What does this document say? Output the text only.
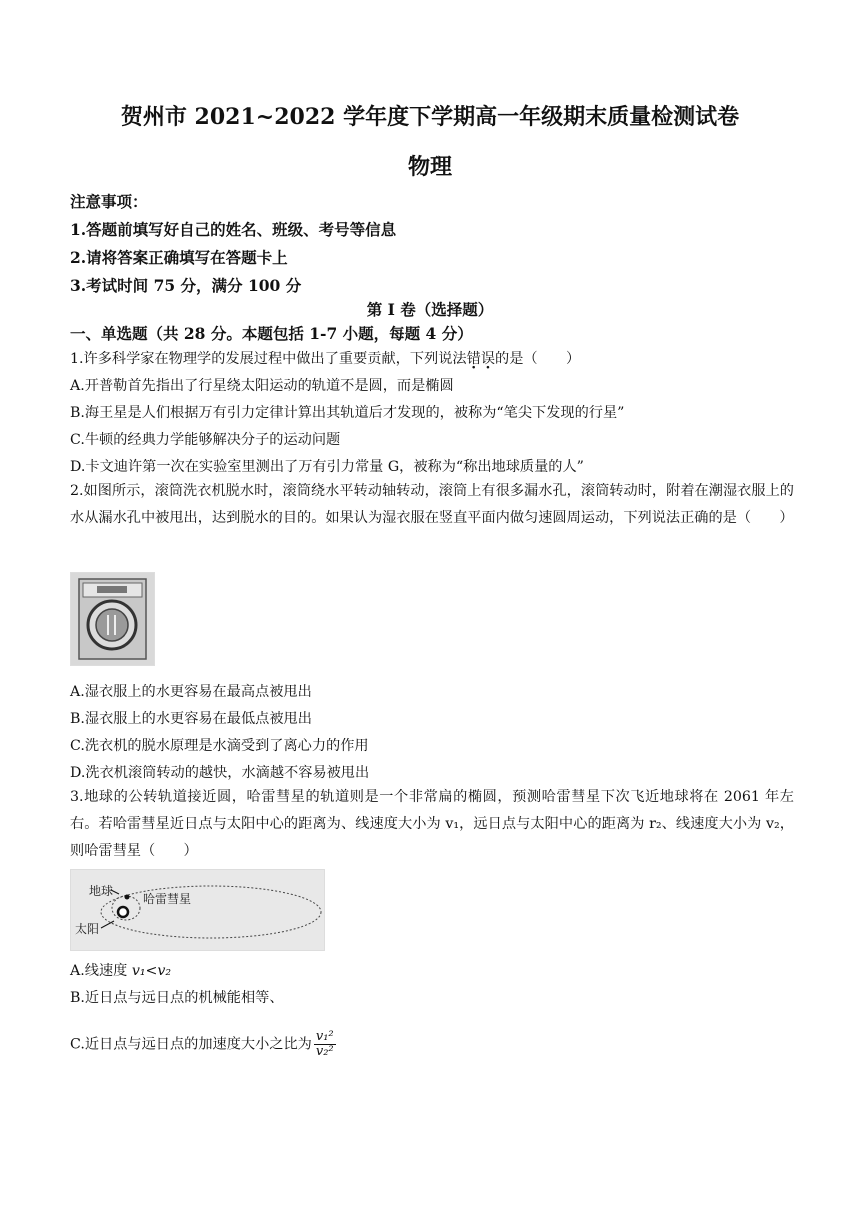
贺州市 2021~2022 学年度下学期高一年级期末质量检测试卷
物理
注意事项：
1.答题前填写好自己的姓名、班级、考号等信息
2.请将答案正确填写在答题卡上
3.考试时间 75 分，满分 100 分
第 I 卷（选择题）
一、单选题（共 28 分。本题包括 1-7 小题，每题 4 分）
1.许多科学家在物理学的发展过程中做出了重要贡献，下列说法错误的是（　　）
A.开普勒首先指出了行星绕太阳运动的轨道不是圆，而是椭圆
B.海王星是人们根据万有引力定律计算出其轨道后才发现的，被称为“笔尖下发现的行星”
C.牛顿的经典力学能够解决分子的运动问题
D.卡文迪许第一次在实验室里测出了万有引力常量 G，被称为“称出地球质量的人”
2.如图所示，滚筒洗衣机脱水时，滚筒绕水平转动轴转动，滚筒上有很多漏水孔，滚筒转动时，附着在潮湿衣服上的水从漏水孔中被甩出，达到脱水的目的。如果认为湿衣服在竖直平面内做匀速圆周运动，下列说法正确的是（　　）
A.湿衣服上的水更容易在最高点被甩出
B.湿衣服上的水更容易在最低点被甩出
C.洗衣机的脱水原理是水滴受到了离心力的作用
D.洗衣机滚筒转动的越快，水滴越不容易被甩出
3.地球的公转轨道接近圆，哈雷彗星的轨道则是一个非常扁的椭圆，预测哈雷彗星下次飞近地球将在 2061 年左右。若哈雷彗星近日点与太阳中心的距离为、线速度大小为 v₁，远日点与太阳中心的距离为 r₂、线速度大小为 v₂，则哈雷彗星（　　）
地球
哈雷彗星
太阳
A.线速度 v₁<v₂
B.近日点与远日点的机械能相等、
C.近日点与远日点的加速度大小之比为 $\frac{\text{v₁²}}{\text{v₂²}}$
